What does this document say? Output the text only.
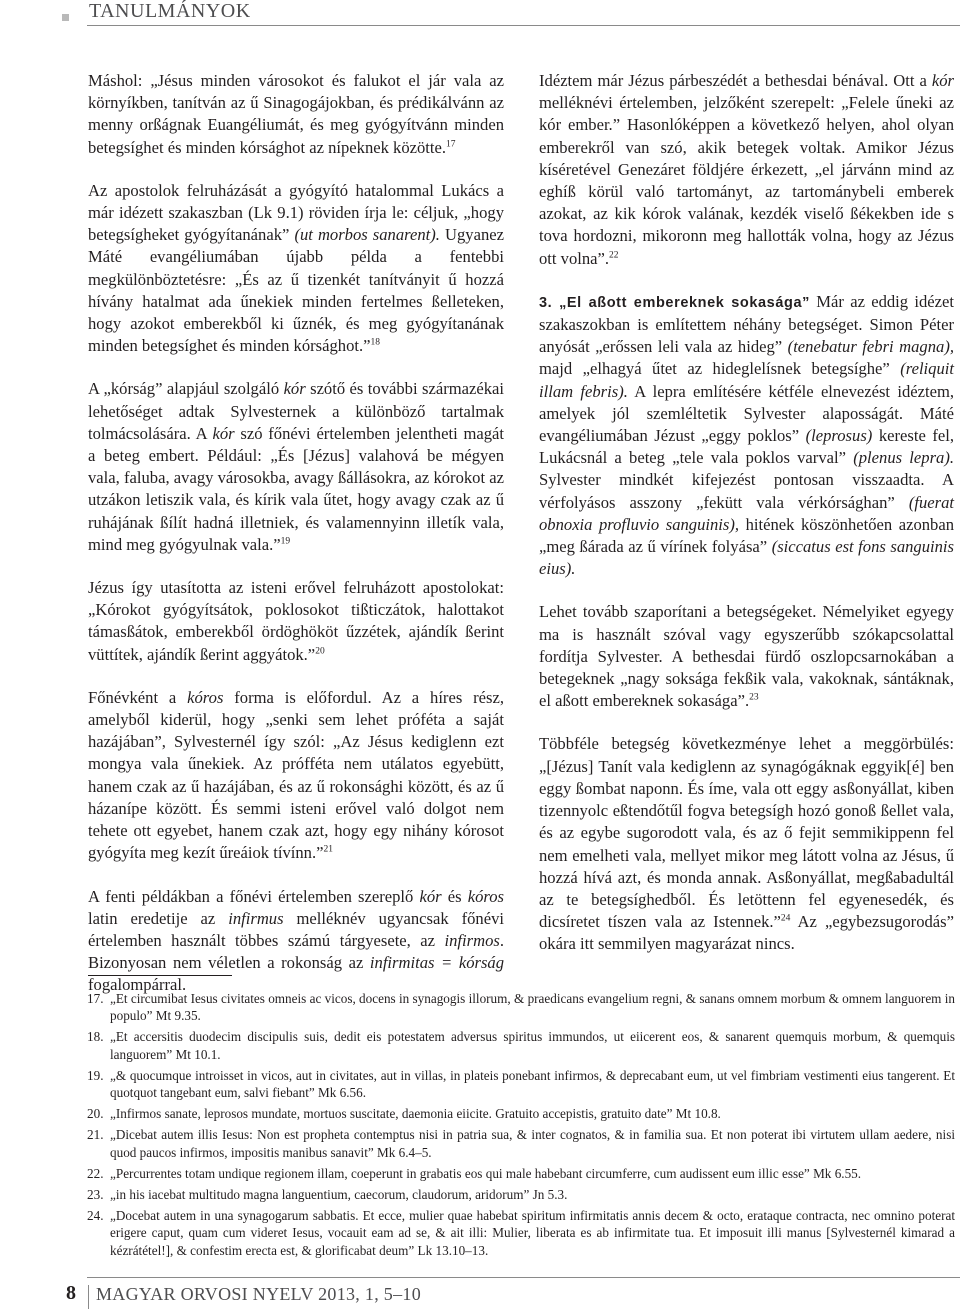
TANULMÁNYOK

Máshol: „Jésus minden városokot és falukot el jár vala az környíkben, tanítván az ű Sinagogájokban, és prédikálvánn az menny orßágnak Euangéliumát, és meg gyógyítvánn minden betegsíghet és minden kórsághot az nípeknek közötte.$^{17}$

Az apostolok felruházását a gyógyító hatalommal Lukács a már idézett szakaszban (Lk 9.1) röviden írja le: céljuk, „hogy betegsígheket gyógyítanának” (ut morbos sanarent). Ugyanez Máté evangéliumában újabb példa a fentebbi megkülönböztetésre: „És az ű tizenkét tanítványit ű hozzá hívány hatalmat ada űnekiek minden fertelmes ßelleteken, hogy azokot emberekből ki űznék, és meg gyógyítanának minden betegsíghet és minden kórsághot.”$^{18}$

A „kórság” alapjául szolgáló kór szótő és további származékai lehetőséget adtak Sylvesternek a különböző tartalmak tolmácsolására. A kór szó főnévi értelemben jelentheti magát a beteg embert. Például: „És [Jézus] valahová be mégyen vala, faluba, avagy városokba, avagy ßállásokra, az kórokot az utzákon letiszik vala, és kírik vala űtet, hogy avagy czak az ű ruhájának ßílít hadná illetniek, és valamennyinn illetík vala, mind meg gyógyulnak vala.”$^{19}$

Jézus így utasította az isteni erővel felruházott apostolokat: „Kórokot gyógyítsátok, poklosokot tißticzátok, halottakot támasßátok, emberekből ördöghököt űzzétek, ajándík ßerint vüttítek, ajándík ßerint aggyátok.”$^{20}$

Főnévként a kóros forma is előfordul. Az a híres rész, amelyből kiderül, hogy „senki sem lehet próféta a saját hazájában”, Sylvesternél így szól: „Az Jésus kediglenn ezt mongya vala űnekiek. Az prófféta nem utálatos egyebütt, hanem czak az ű hazájában, és az ű rokonsághi között, és az ű házanípe között. És semmi isteni erővel való dolgot nem tehete ott egyebet, hanem czak azt, hogy egy nihány kórosot gyógyíta meg kezít űreáiok tívínn.”$^{21}$

A fenti példákban a főnévi értelemben szereplő kór és kóros latin eredetije az infirmus melléknév ugyancsak főnévi értelemben használt többes számú tárgyesete, az infirmos. Bizonyosan nem véletlen a rokonság az infirmitas = kórság fogalompárral.

Idéztem már Jézus párbeszédét a bethesdai bénával. Ott a kór melléknévi értelemben, jelzőként szerepelt: „Felele űneki az kór ember.” Hasonlóképpen a következő helyen, ahol olyan emberekről van szó, akik betegek voltak. Amikor Jézus kíséretével Genezáret földjére érkezett, „el járvánn mind az eghíß körül való tartományt, az tartománybeli emberek azokat, az kik kórok valának, kezdék viselő ßékekben ide s tova hordozni, mikoronn meg hallották volna, hogy az Jézus ott volna”.$^{22}$

3. „El aßott embereknek sokasága” Már az eddig idézet szakaszokban is említettem néhány betegséget. Simon Péter anyósát „erőssen leli vala az hideg” (tenebatur febri magna), majd „elhagyá űtet az hideglelísnek betegsíghe” (reliquit illam febris). A lepra említésére kétféle elnevezést idéztem, amelyek jól szemléltetik Sylvester alaposságát. Máté evangéliumában Jézust „eggy poklos” (leprosus) kereste fel, Lukácsnál a beteg „tele vala poklos varval” (plenus lepra). Sylvester mindkét kifejezést pontosan visszaadta. A vérfolyásos asszony „fekütt vala vérkórsághan” (fuerat obnoxia profluvio sanguinis), hitének köszönhetően azonban „meg ßárada az ű vírínek folyása” (siccatus est fons sanguinis eius).

Lehet tovább szaporítani a betegségeket. Némelyiket egyegy ma is használt szóval vagy egyszerűbb szókapcsolattal fordítja Sylvester. A bethesdai fürdő oszlopcsarnokában a betegeknek „nagy soksága fekßik vala, vakoknak, sántáknak, el aßott embereknek sokasága”.$^{23}$

Többféle betegség következménye lehet a meggörbülés: „[Jézus] Tanít vala kediglenn az synagógáknak eggyik[é] ben eggy ßombat naponn. És íme, vala ott eggy asßonyállat, kiben tizennyolc eßtendőtűl fogva betegsígh hozó gonoß ßellet vala, és az egybe sugorodott vala, és az ő fejit semmikippenn fel nem emelheti vala, mellyet mikor meg látott volna az Jésus, ű hozzá hívá azt, és monda annak. Asßonyállat, megßabadultál az te betegsíghedből. És letöttenn fel egyenesedék, és dicsíretet tíszen vala az Istennek.”$^{24}$ Az „egybezsugorodás” okára itt semmilyen magyarázat nincs.

17. „Et circumibat Iesus civitates omneis ac vicos, docens in synagogis illorum, & praedicans evangelium regni, & sanans omnem morbum & omnem languorem in populo” Mt 9.35.
18. „Et accersitis duodecim discipulis suis, dedit eis potestatem adversus spiritus immundos, ut eiicerent eos, & sanarent quemquis morbum, & quemquis languorem” Mt 10.1.
19. „& quocumque introisset in vicos, aut in civitates, aut in villas, in plateis ponebant infirmos, & deprecabant eum, ut vel fimbriam vestimenti eius tangerent. Et quotquot tangebant eum, salvi fiebant” Mk 6.56.
20. „Infirmos sanate, leprosos mundate, mortuos suscitate, daemonia eiicite. Gratuito accepistis, gratuito date” Mt 10.8.
21. „Dicebat autem illis Iesus: Non est propheta contemptus nisi in patria sua, & inter cognatos, & in familia sua. Et non poterat ibi virtutem ullam aedere, nisi quod paucos infirmos, impositis manibus sanavit” Mk 6.4–5.
22. „Percurrentes totam undique regionem illam, coeperunt in grabatis eos qui male habebant circumferre, cum audissent eum illic esse” Mk 6.55.
23. „in his iacebat multitudo magna languentium, caecorum, claudorum, aridorum” Jn 5.3.
24. „Docebat autem in una synagogarum sabbatis. Et ecce, mulier quae habebat spiritum infirmitatis annis decem & octo, erataque contracta, nec omnino poterat erigere caput, quam cum videret Iesus, vocauit eam ad se, & ait illi: Mulier, liberata es ab infirmitate tua. Et imposuit illi manus [Sylvesternél kimarad a kézrátétel!], & confestim erecta est, & glorificabat deum” Lk 13.10–13.
8 MAGYAR ORVOSI NYELV 2013, 1, 5–10
